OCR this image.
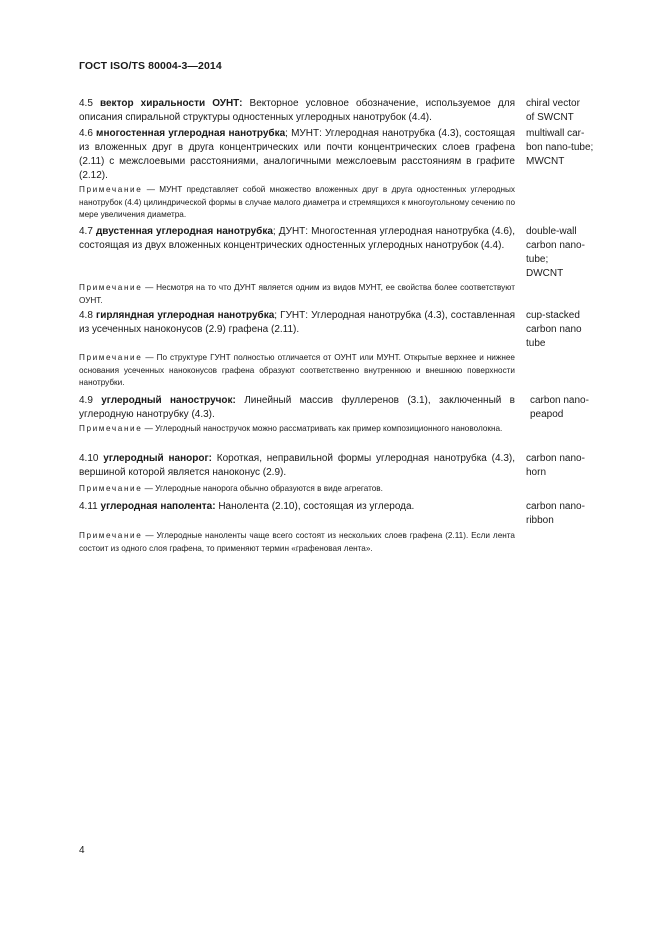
ГОСТ ISO/TS 80004-3—2014
4.5 вектор хиральности ОУНТ: Векторное условное обозначение, используемое для описания спиральной структуры одностенных углеродных нанотрубок (4.4).
chiral vector
of SWCNT
4.6 многостенная углеродная нанотрубка; МУНТ: Углеродная нанотрубка (4.3), состоящая из вложенных друг в друга концентрических или почти концентрических слоев графена (2.11) с межслоевыми расстояниями, аналогичными межслоевым расстояниям в графите (2.12).
multiwall car-
bon nano-tube;
MWCNT
Примечание — МУНТ представляет собой множество вложенных друг в друга одностенных углеродных нанотрубок (4.4) цилиндрической формы в случае малого диаметра и стремящихся к многоугольному сечению по мере увеличения диаметра.
4.7 двустенная углеродная нанотрубка; ДУНТ: Многостенная углеродная нанотрубка (4.6), состоящая из двух вложенных концентрических одностенных углеродных нанотрубок (4.4).
double-wall
carbon nano-
tube;
DWCNT
Примечание — Несмотря на то что ДУНТ является одним из видов МУНТ, ее свойства более соответствуют ОУНТ.
4.8 гирляндная углеродная нанотрубка; ГУНТ: Углеродная нанотрубка (4.3), составленная из усеченных наноконусов (2.9) графена (2.11).
cup-stacked
carbon nano
tube
Примечание — По структуре ГУНТ полностью отличается от ОУНТ или МУНТ. Открытые верхнее и нижнее основания усеченных наноконусов графена образуют соответственно внутреннюю и внешнюю поверхности нанотрубки.
4.9 углеродный наностручок: Линейный массив фуллеренов (3.1), заключенный в углеродную нанотрубку (4.3).
carbon nano-
peapod
Примечание — Углеродный наностручок можно рассматривать как пример композиционного нановолокна.
4.10 углеродный нанорог: Короткая, неправильной формы углеродная нанотрубка (4.3), вершиной которой является наноконус (2.9).
carbon nano-
horn
Примечание — Углеродные нанорога обычно образуются в виде агрегатов.
4.11 углеродная наполента: Нанолента (2.10), состоящая из углерода.	carbon nano-
ribbon
Примечание — Углеродные наноленты чаще всего состоят из нескольких слоев графена (2.11). Если лента состоит из одного слоя графена, то применяют термин «графеновая лента».
4
